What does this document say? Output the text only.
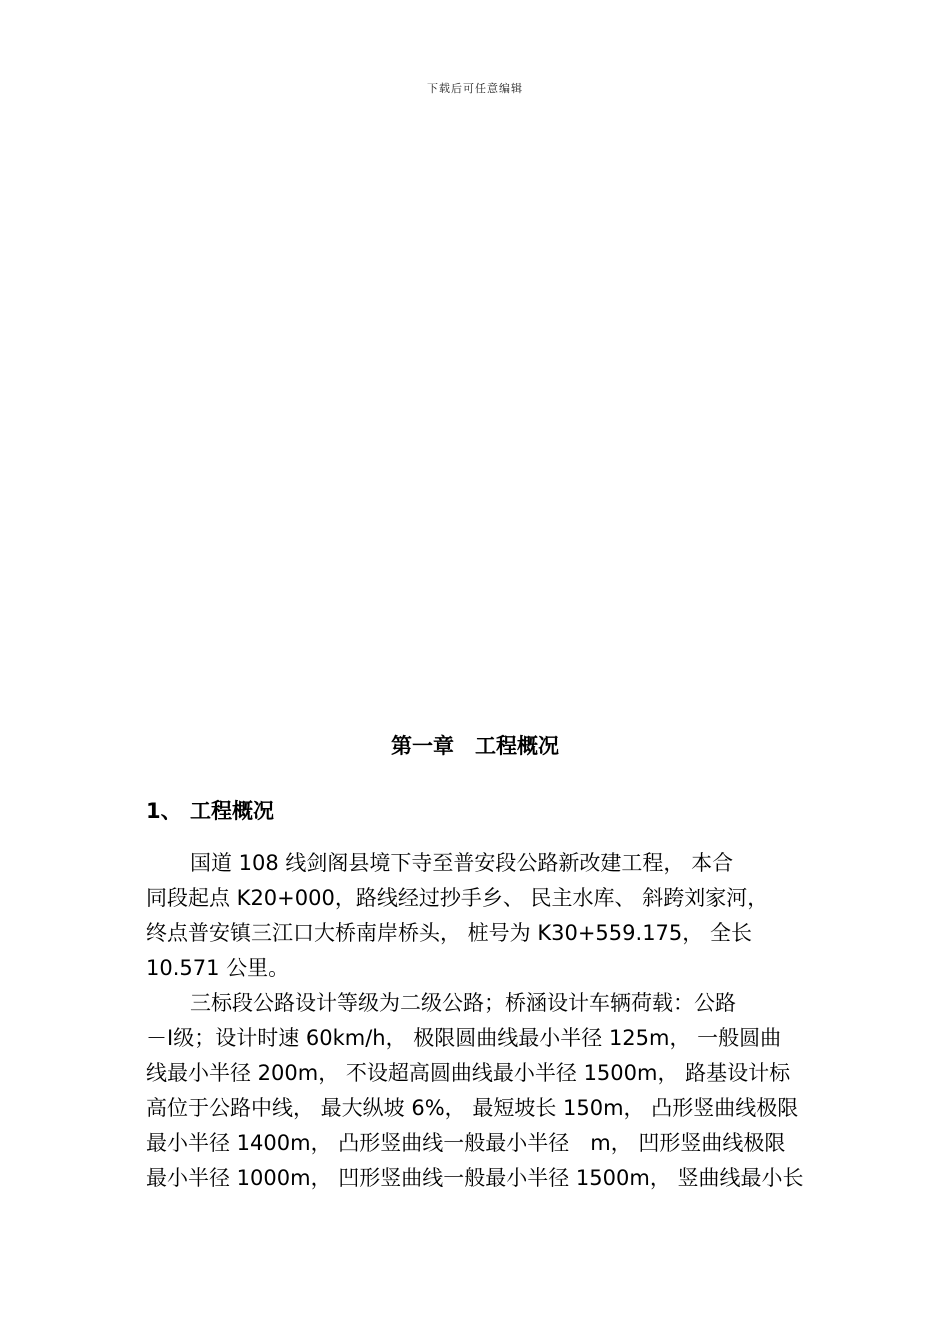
下载后可任意编辑
第一章　工程概况
1、 工程概况
国道 108 线剑阁县境下寺至普安段公路新改建工程， 本合
同段起点 K20+000，路线经过抄手乡、 民主水库、 斜跨刘家河，
终点普安镇三江口大桥南岸桥头， 桩号为 K30+559.175， 全长
10.571 公里。
三标段公路设计等级为二级公路；桥涵设计车辆荷载：公路
－Ⅰ级；设计时速 60km/h， 极限圆曲线最小半径 125m， 一般圆曲
线最小半径 200m， 不设超高圆曲线最小半径 1500m， 路基设计标
高位于公路中线， 最大纵坡 6%， 最短坡长 150m， 凸形竖曲线极限
最小半径 1400m， 凸形竖曲线一般最小半径　m， 凹形竖曲线极限
最小半径 1000m， 凹形竖曲线一般最小半径 1500m， 竖曲线最小长
